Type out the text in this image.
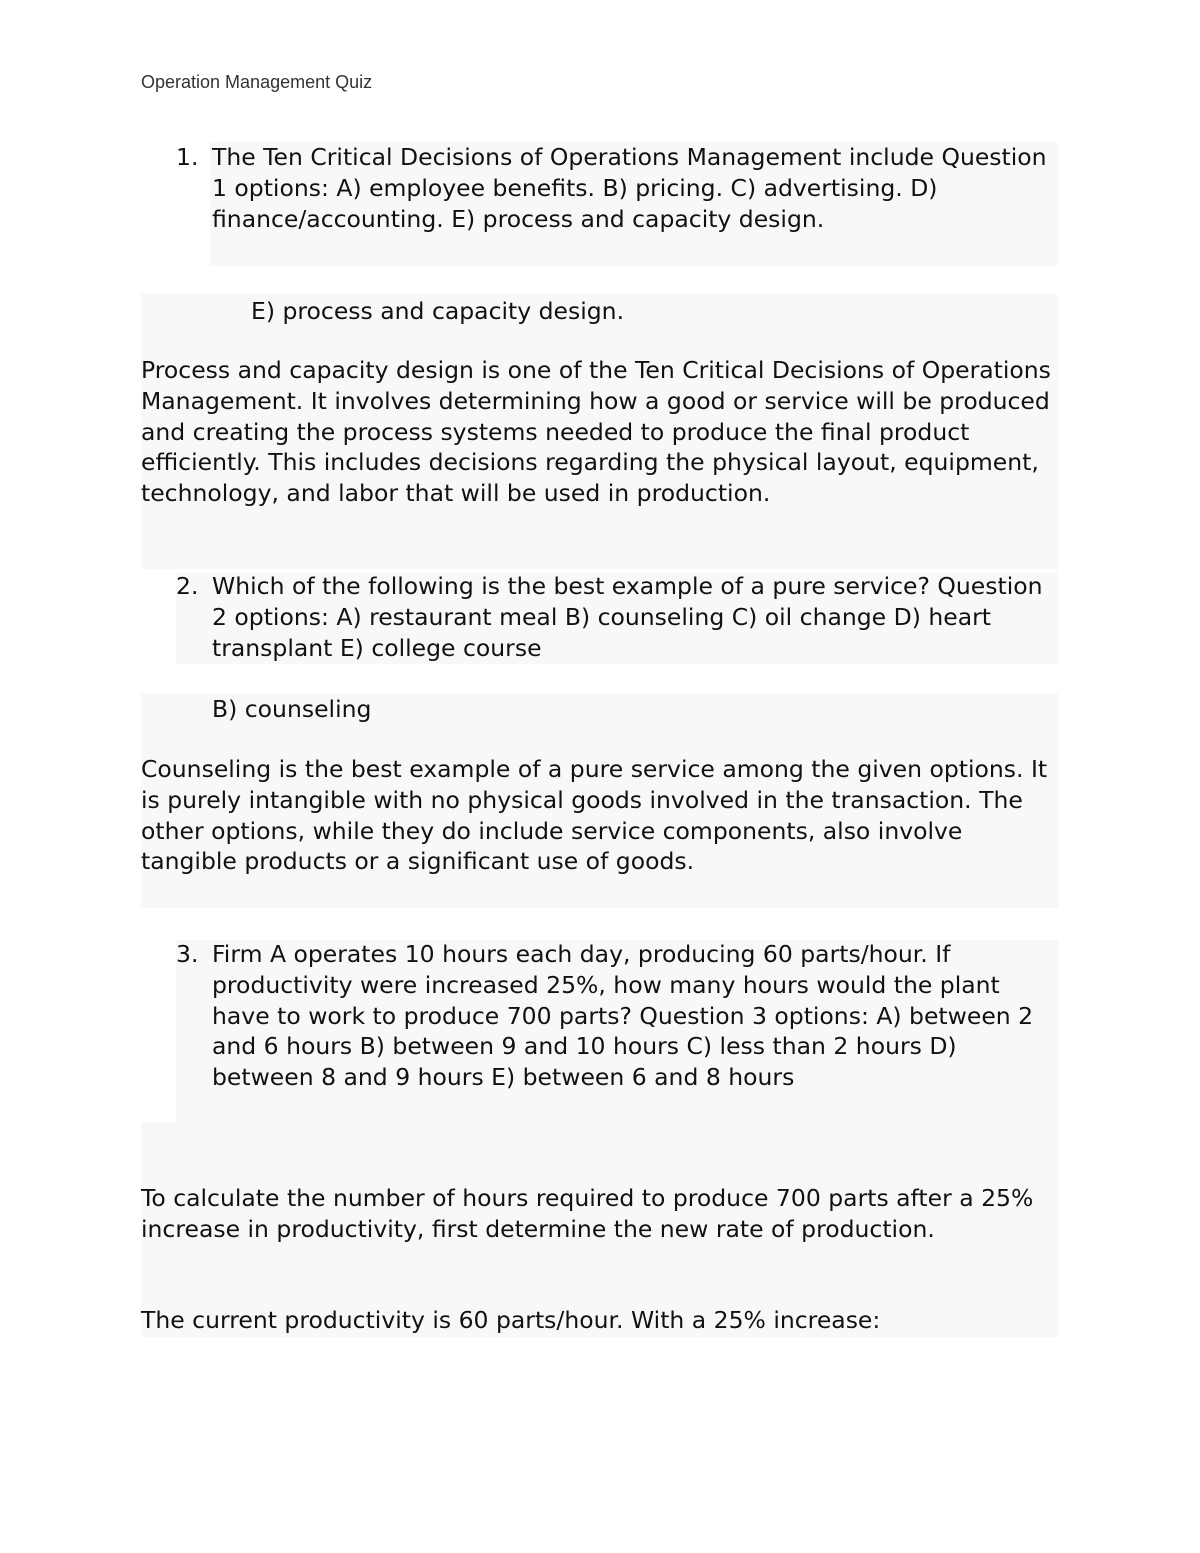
Operation Management Quiz
1. The Ten Critical Decisions of Operations Management include Question 1 options: A) employee benefits. B) pricing. C) advertising. D) finance/accounting. E) process and capacity design.
E) process and capacity design.
Process and capacity design is one of the Ten Critical Decisions of Operations Management. It involves determining how a good or service will be produced and creating the process systems needed to produce the final product efficiently. This includes decisions regarding the physical layout, equipment, technology, and labor that will be used in production.
2. Which of the following is the best example of a pure service? Question 2 options: A) restaurant meal B) counseling C) oil change D) heart transplant E) college course
B) counseling
Counseling is the best example of a pure service among the given options. It is purely intangible with no physical goods involved in the transaction. The other options, while they do include service components, also involve tangible products or a significant use of goods.
3. Firm A operates 10 hours each day, producing 60 parts/hour. If productivity were increased 25%, how many hours would the plant have to work to produce 700 parts? Question 3 options: A) between 2 and 6 hours B) between 9 and 10 hours C) less than 2 hours D) between 8 and 9 hours E) between 6 and 8 hours
To calculate the number of hours required to produce 700 parts after a 25% increase in productivity, first determine the new rate of production.
The current productivity is 60 parts/hour. With a 25% increase:
